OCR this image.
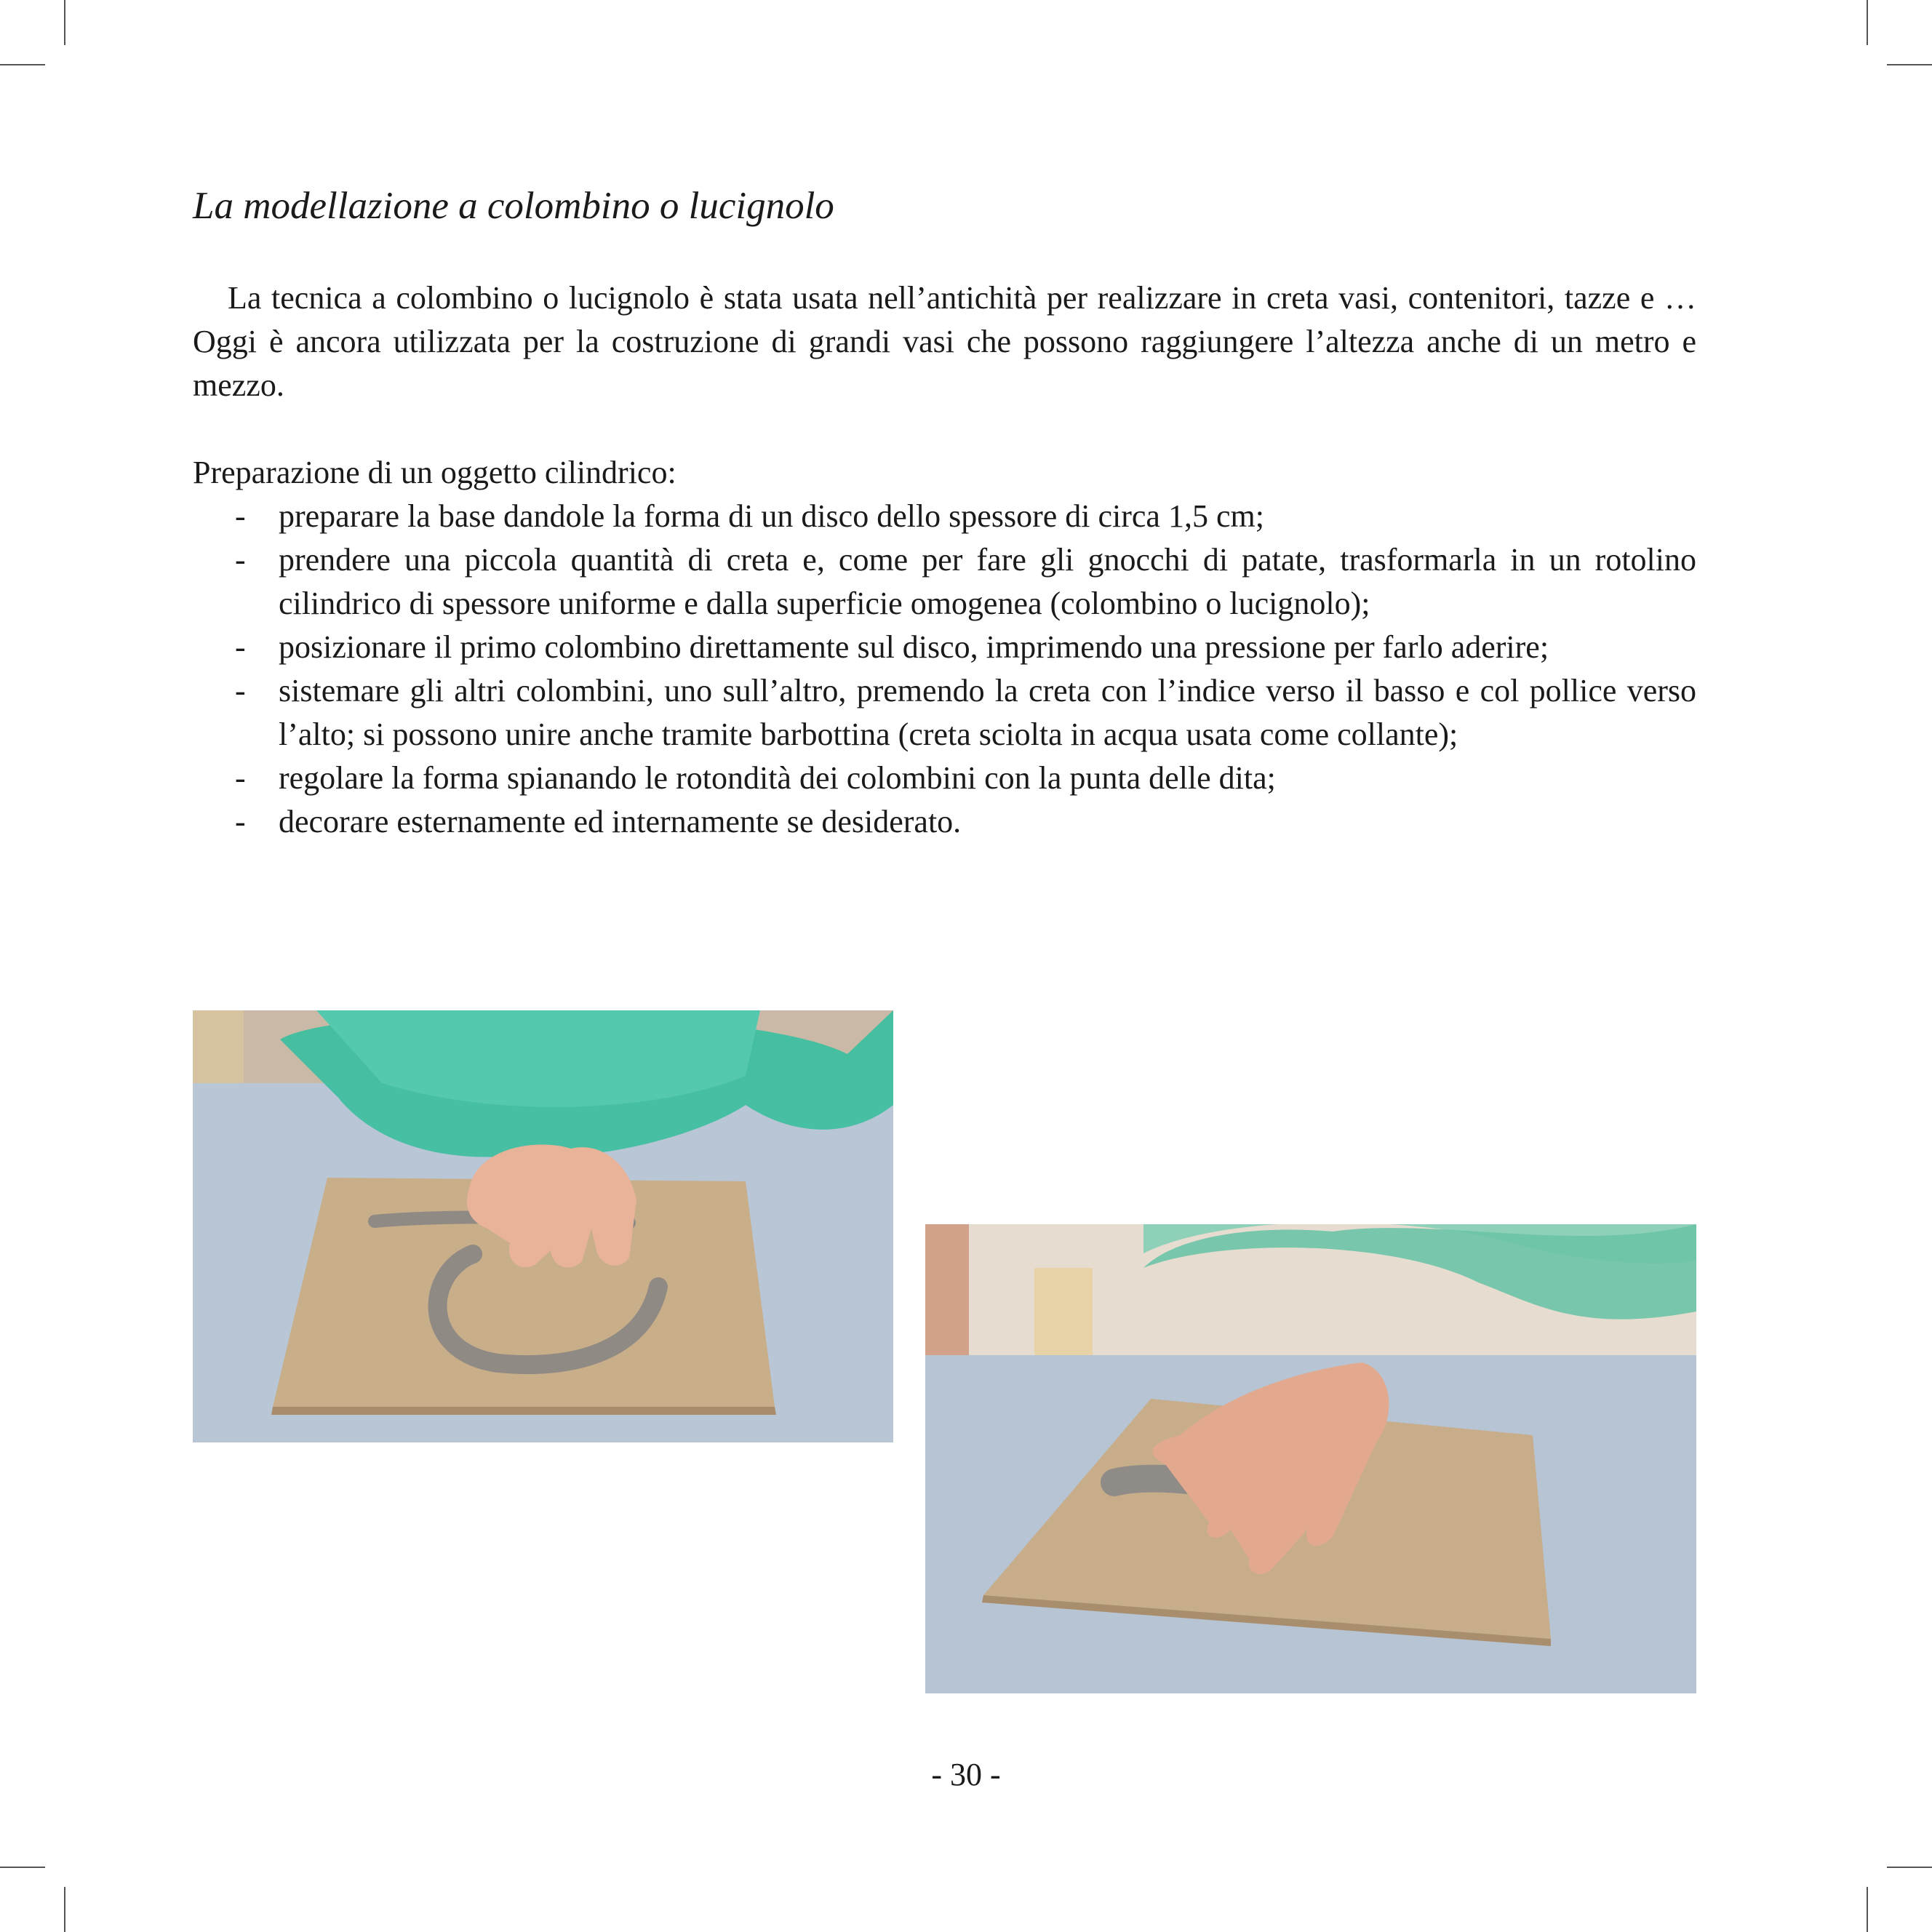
La modellazione a colombino o lucignolo

La tecnica a colombino o lucignolo è stata usata nell’antichità per realizzare in creta vasi, contenitori, tazze e … Oggi è ancora utilizzata per la costruzione di grandi vasi che possono raggiungere l’altezza anche di un metro e mezzo.

Preparazione di un oggetto cilindrico:

- preparare la base dandole la forma di un disco dello spessore di circa 1,5 cm;
- prendere una piccola quantità di creta e, come per fare gli gnocchi di patate, trasformarla in un rotolino cilindrico di spessore uniforme e dalla superficie omogenea (colombino o lucignolo);
- posizionare il primo colombino direttamente sul disco, imprimendo una pressione per farlo aderire;
- sistemare gli altri colombini, uno sull’altro, premendo la creta con l’indice verso il basso e col pollice verso l’alto; si possono unire anche tramite barbottina (creta sciolta in acqua usata come collante);
- regolare la forma spianando le rotondità dei colombini con la punta delle dita;
- decorare esternamente ed internamente se desiderato.
- 30 -
